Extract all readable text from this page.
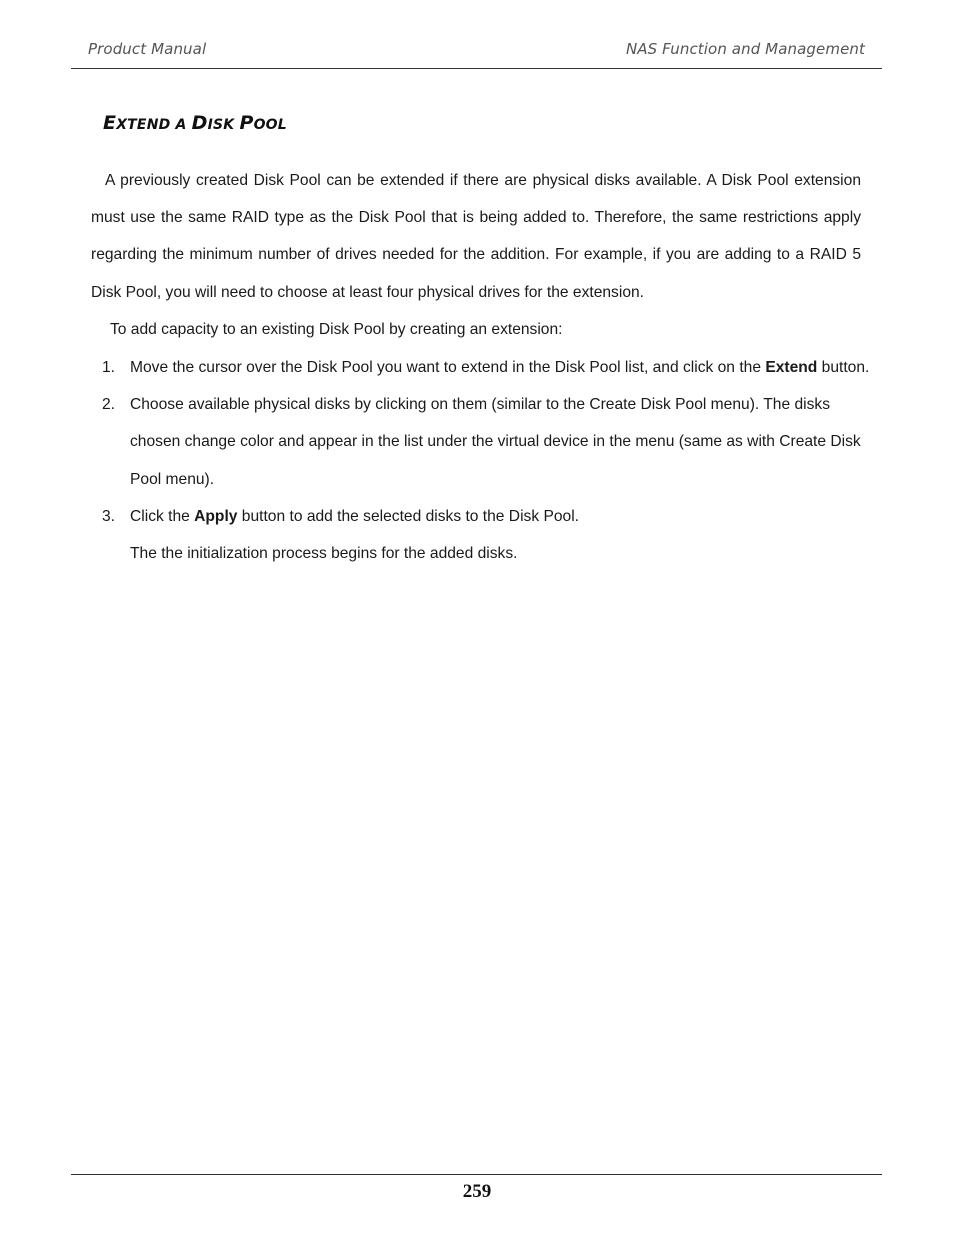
Product Manual	NAS Function and Management
EXTEND A DISK POOL

A previously created Disk Pool can be extended if there are physical disks available. A Disk Pool extension must use the same RAID type as the Disk Pool that is being added to. Therefore, the same restrictions apply regarding the minimum number of drives needed for the addition. For example, if you are adding to a RAID 5 Disk Pool, you will need to choose at least four physical drives for the extension.

To add capacity to an existing Disk Pool by creating an extension:

1. Move the cursor over the Disk Pool you want to extend in the Disk Pool list, and click on the Extend button.
2. Choose available physical disks by clicking on them (similar to the Create Disk Pool menu). The disks chosen change color and appear in the list under the virtual device in the menu (same as with Create Disk Pool menu).
3. Click the Apply button to add the selected disks to the Disk Pool.
The the initialization process begins for the added disks.
259
